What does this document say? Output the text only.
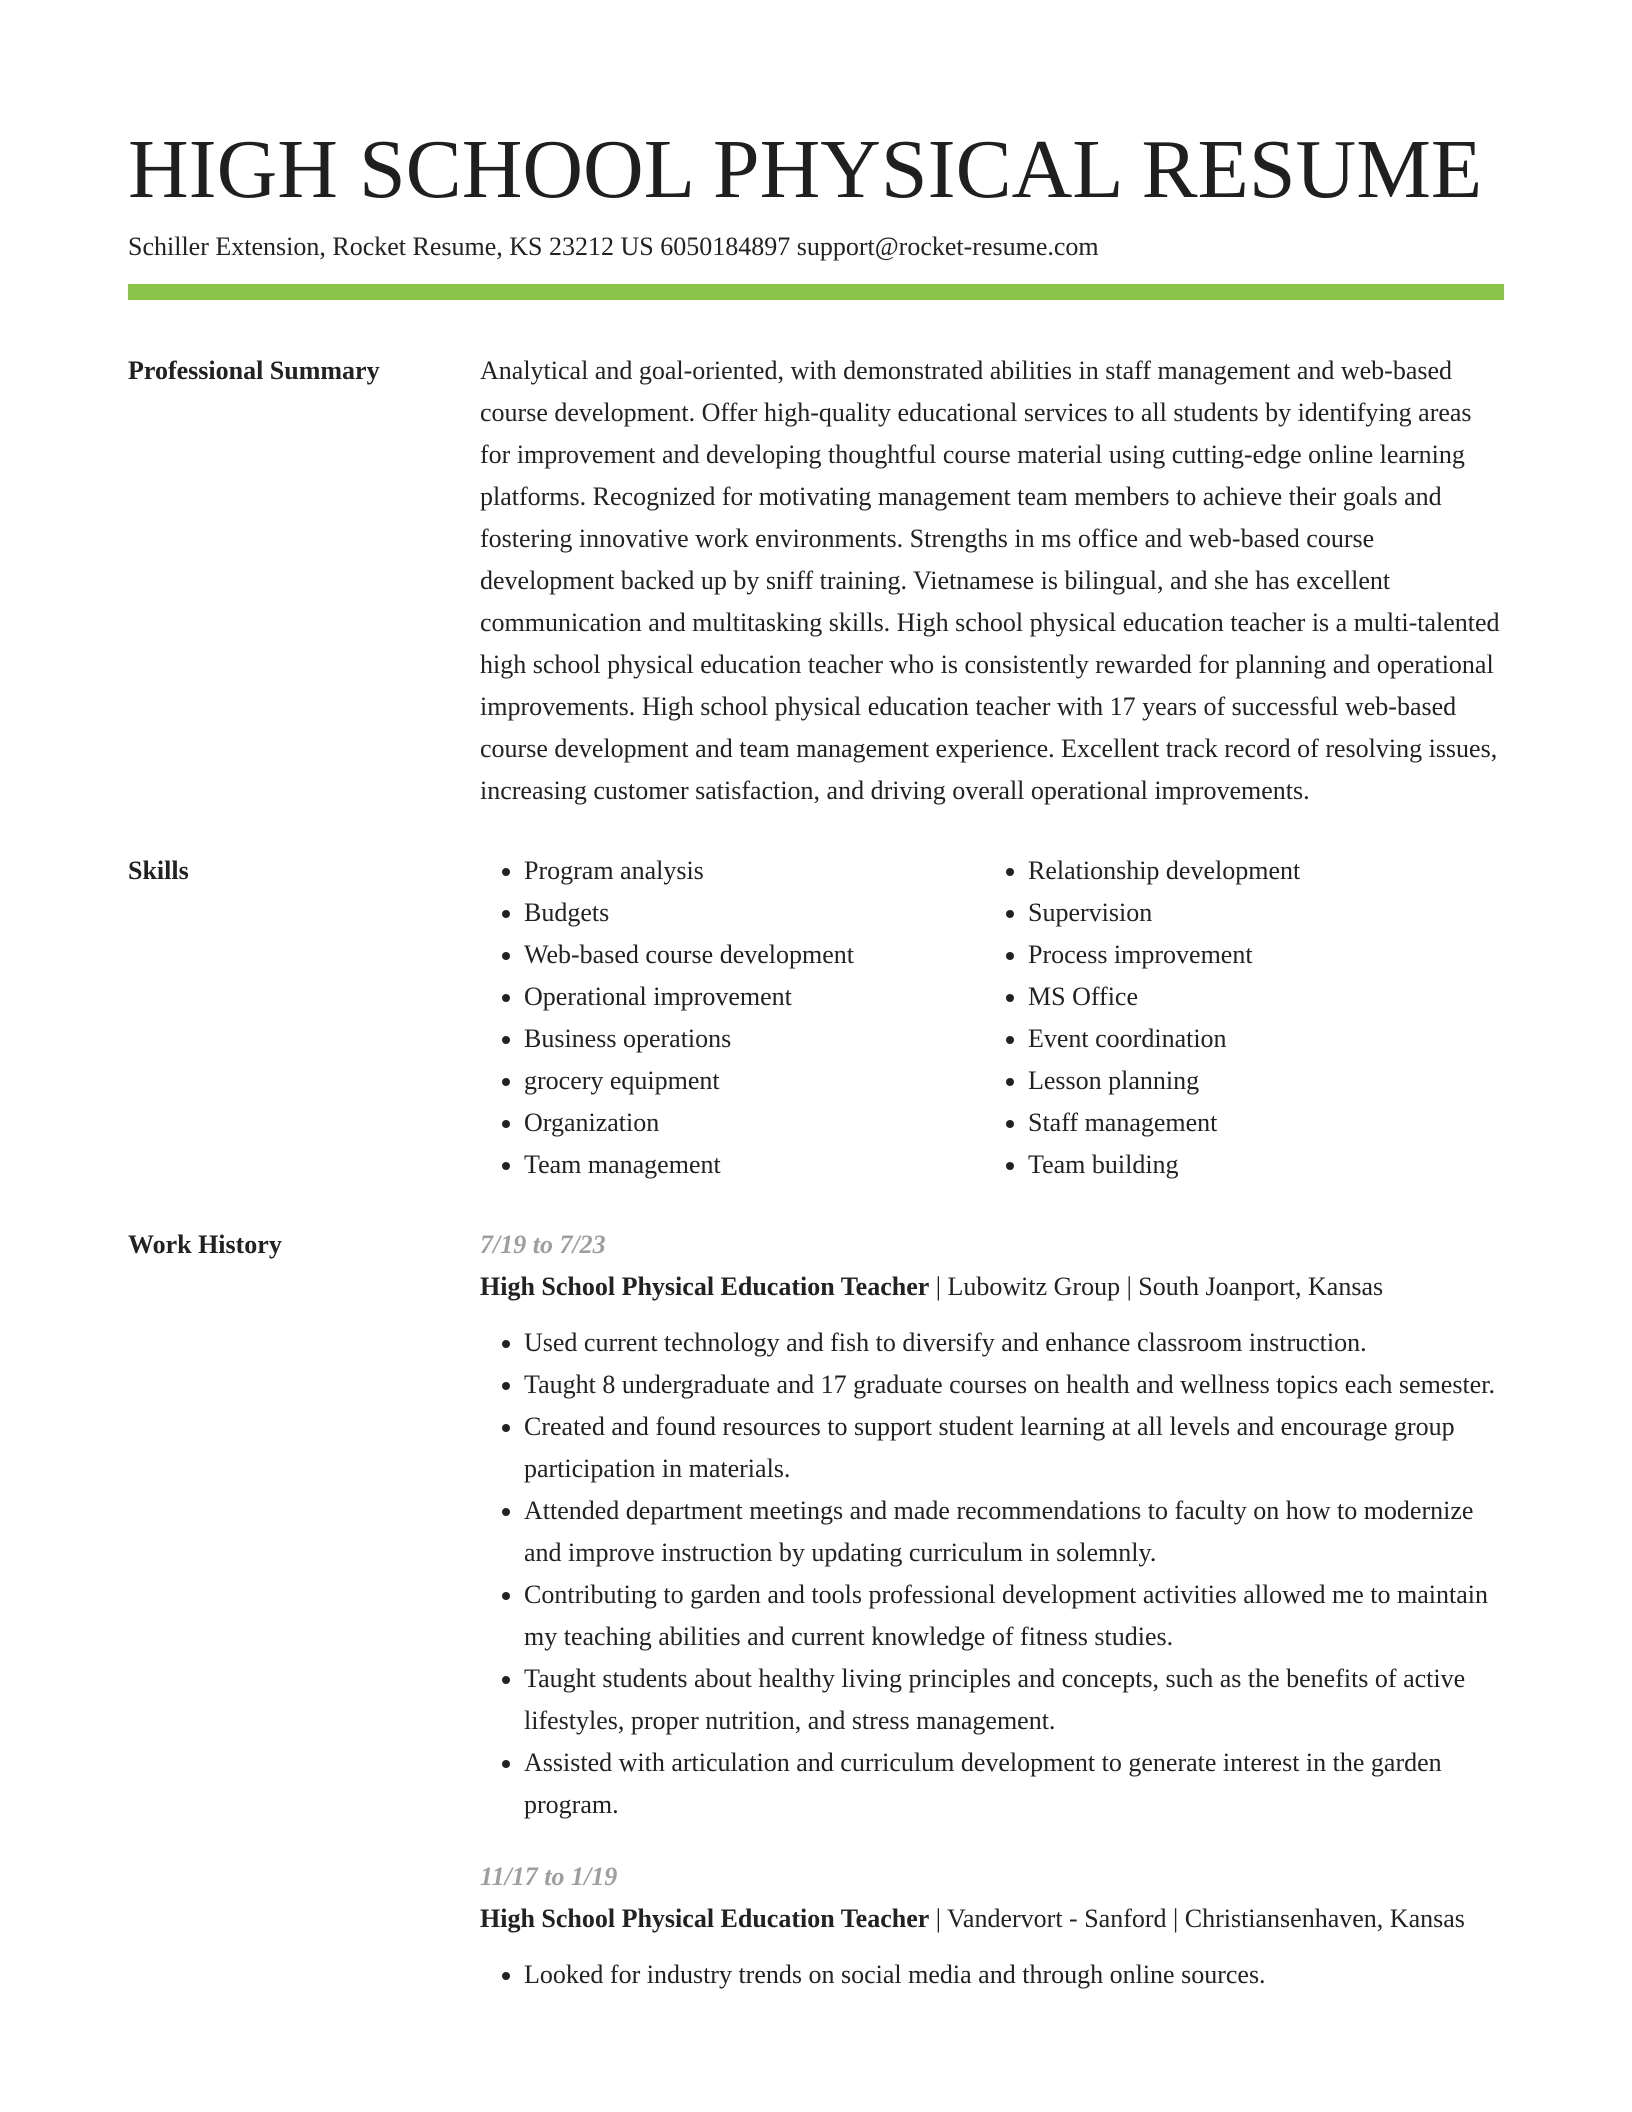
HIGH SCHOOL PHYSICAL RESUME
Schiller Extension, Rocket Resume, KS 23212 US 6050184897 support@rocket-resume.com
Professional Summary	Analytical and goal-oriented, with demonstrated abilities in staff management and web-based course development. Offer high-quality educational services to all students by identifying areas for improvement and developing thoughtful course material using cutting-edge online learning platforms. Recognized for motivating management team members to achieve their goals and fostering innovative work environments. Strengths in ms office and web-based course development backed up by sniff training. Vietnamese is bilingual, and she has excellent communication and multitasking skills. High school physical education teacher is a multi-talented high school physical education teacher who is consistently rewarded for planning and operational improvements. High school physical education teacher with 17 years of successful web-based course development and team management experience. Excellent track record of resolving issues, increasing customer satisfaction, and driving overall operational improvements.

Skills
•	Program analysis
• Budgets
• Web-based course development
• Operational improvement
• Business operations
• grocery equipment
• Organization
• Team management
• Relationship development
• Supervision
• Process improvement
• MS Office
• Event coordination
• Lesson planning
• Staff management
• Team building
Work History	7/19 to 7/23
High School Physical Education Teacher | Lubowitz Group | South Joanport, Kansas
• Used current technology and fish to diversify and enhance classroom instruction.
• Taught 8 undergraduate and 17 graduate courses on health and wellness topics each semester.
• Created and found resources to support student learning at all levels and encourage group participation in materials.
• Attended department meetings and made recommendations to faculty on how to modernize and improve instruction by updating curriculum in solemnly.
• Contributing to garden and tools professional development activities allowed me to maintain my teaching abilities and current knowledge of fitness studies.
• Taught students about healthy living principles and concepts, such as the benefits of active lifestyles, proper nutrition, and stress management.
• Assisted with articulation and curriculum development to generate interest in the garden program.
11/17 to 1/19
High School Physical Education Teacher | Vandervort - Sanford | Christiansenhaven, Kansas
• Looked for industry trends on social media and through online sources.
